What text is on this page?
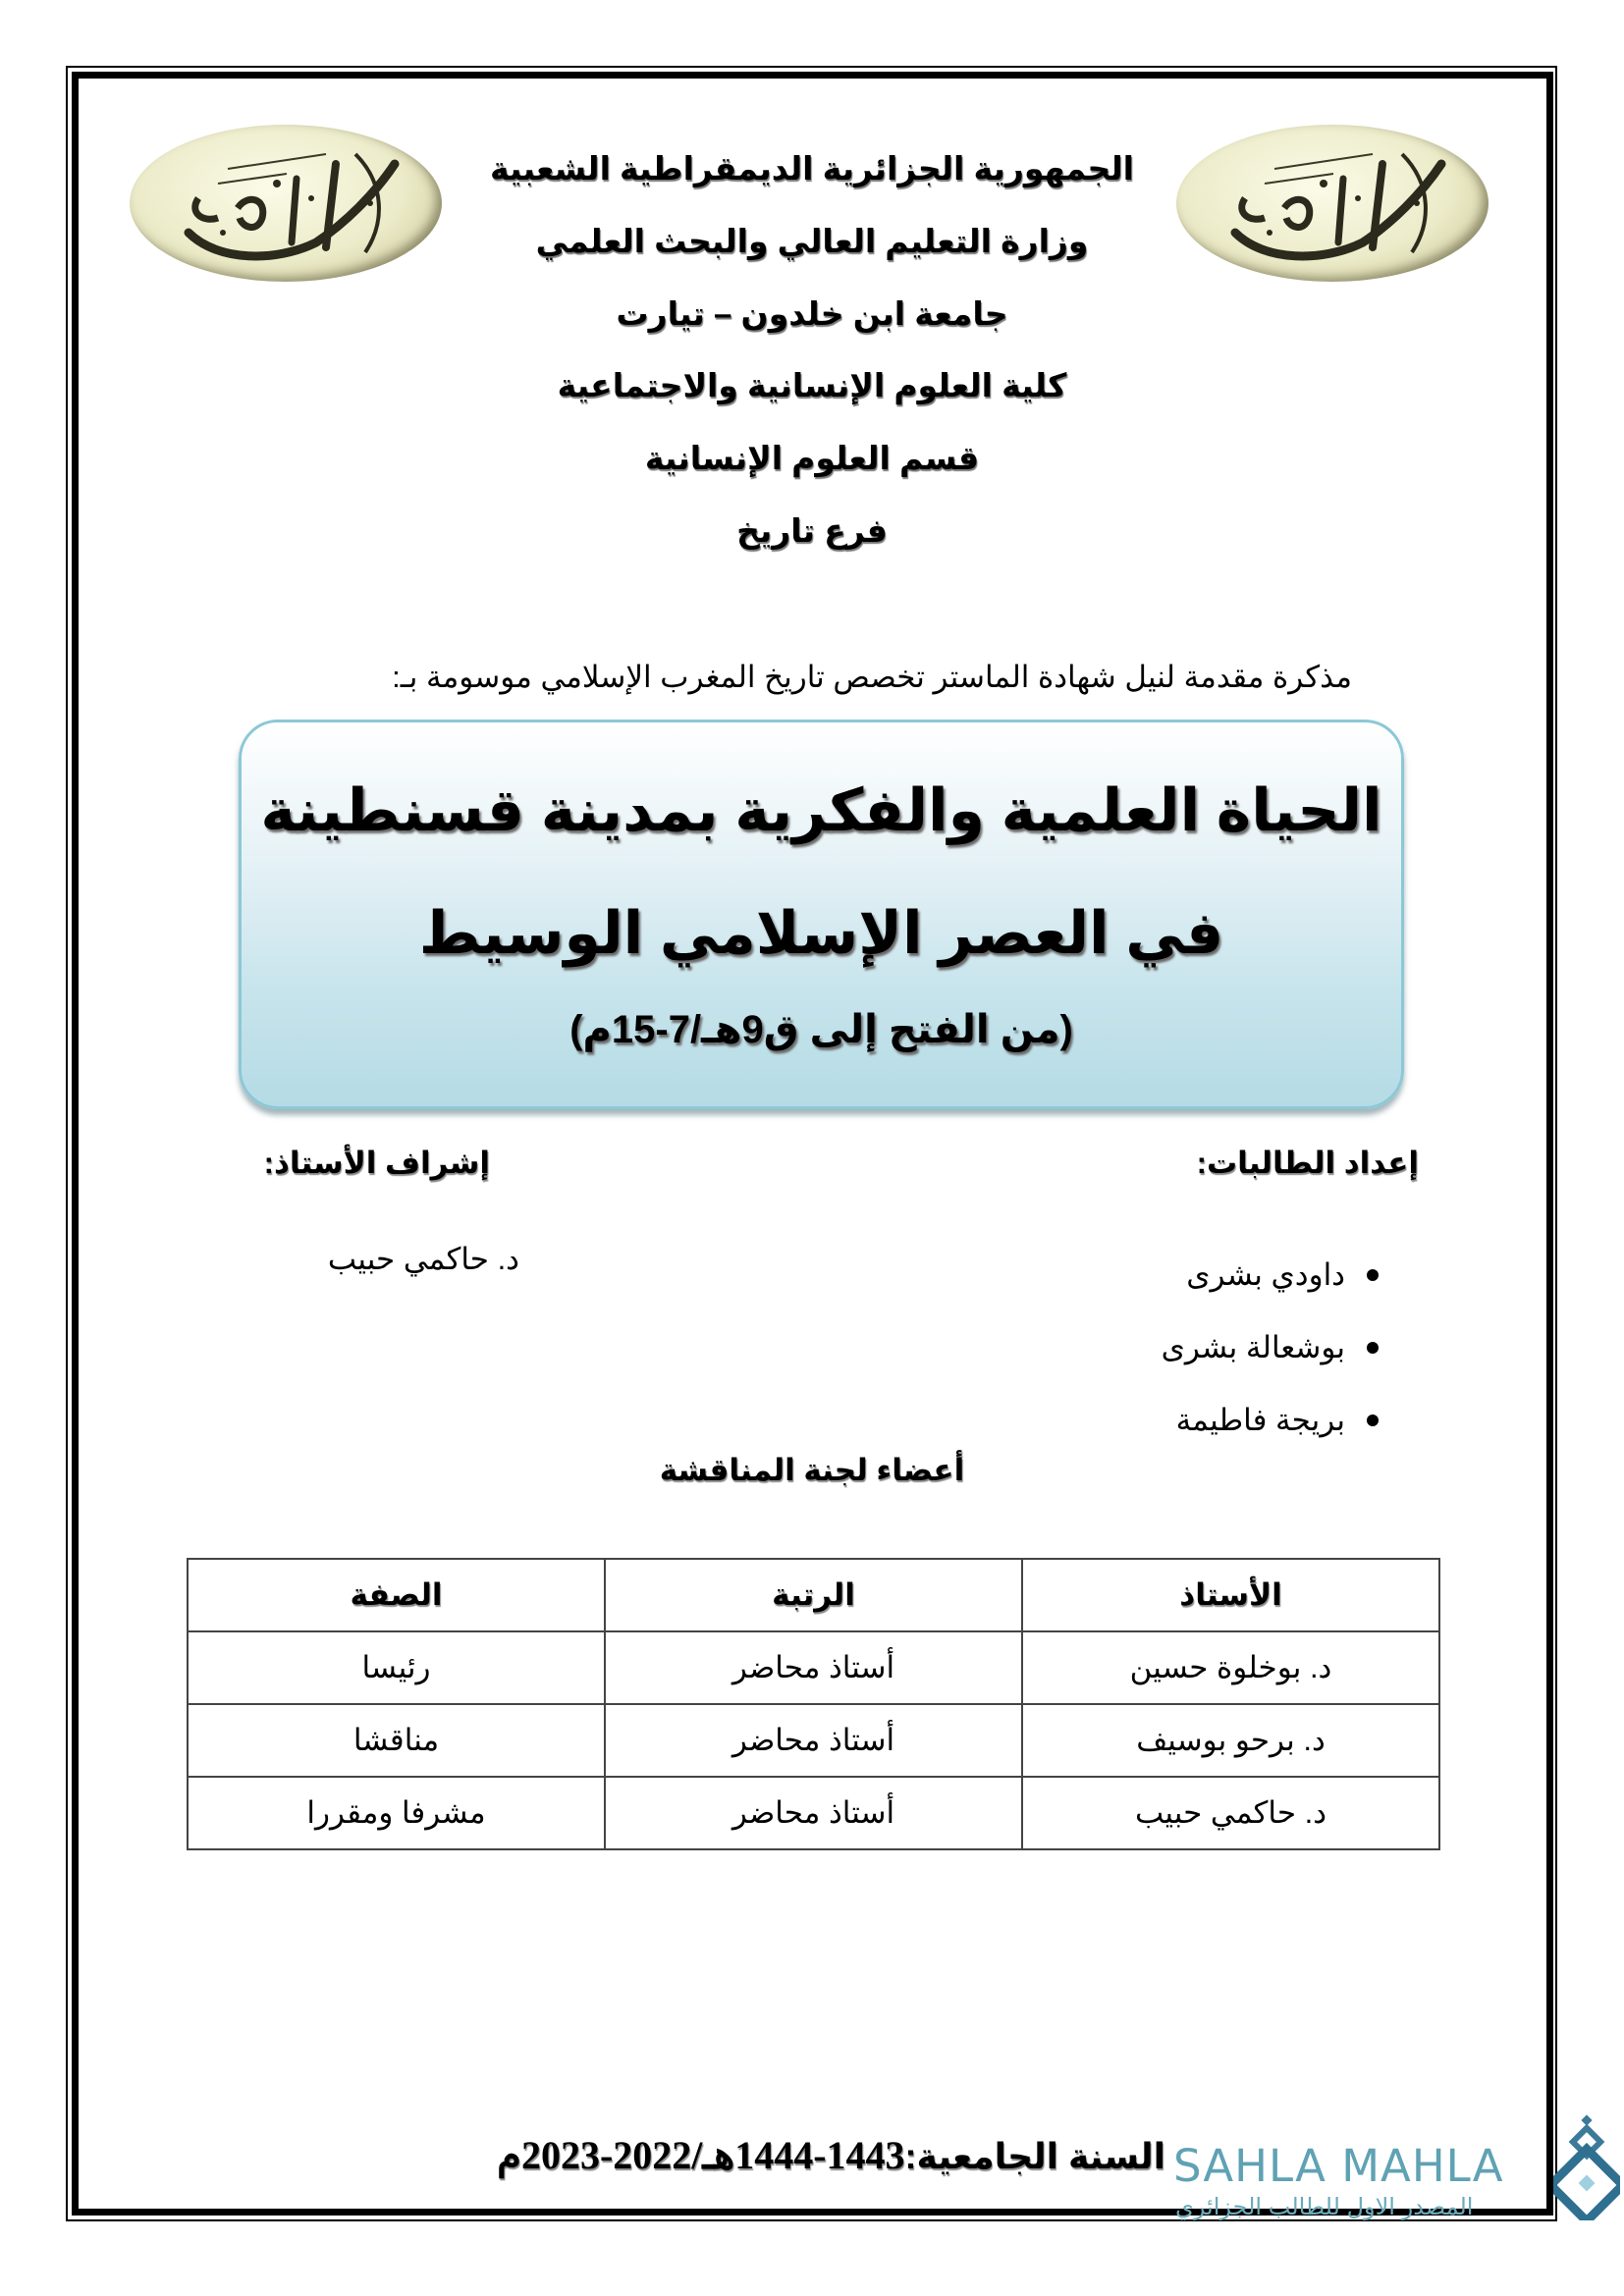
الجمهورية الجزائرية الديمقراطية الشعبية
وزارة التعليم العالي والبحث العلمي
جامعة ابن خلدون – تيارت
كلية العلوم الإنسانية والاجتماعية
قسم العلوم الإنسانية
فرع تاريخ
مذكرة مقدمة لنيل شهادة الماستر تخصص تاريخ المغرب الإسلامي موسومة بـ:
الحياة العلمية والفكرية بمدينة قسنطينة
في العصر الإسلامي الوسيط
(من الفتح إلى ق9هـ/7-15م)
إعداد الطالبات:
إشراف الأستاذ:
داودي بشرى
بوشعالة بشرى
بريجة فاطيمة
د. حاكمي حبيب
أعضاء لجنة المناقشة
الأستاذ	الرتبة	الصفة
د. بوخلوة حسين	أستاذ محاضر	رئيسا
د. برحو بوسيف	أستاذ محاضر	مناقشا
د. حاكمي حبيب	أستاذ محاضر	مشرفا ومقررا
السنة الجامعية:1443-1444هـ/2022-2023م	SAHLA MAHLA
المصدر الاول للطالب الجزائري
